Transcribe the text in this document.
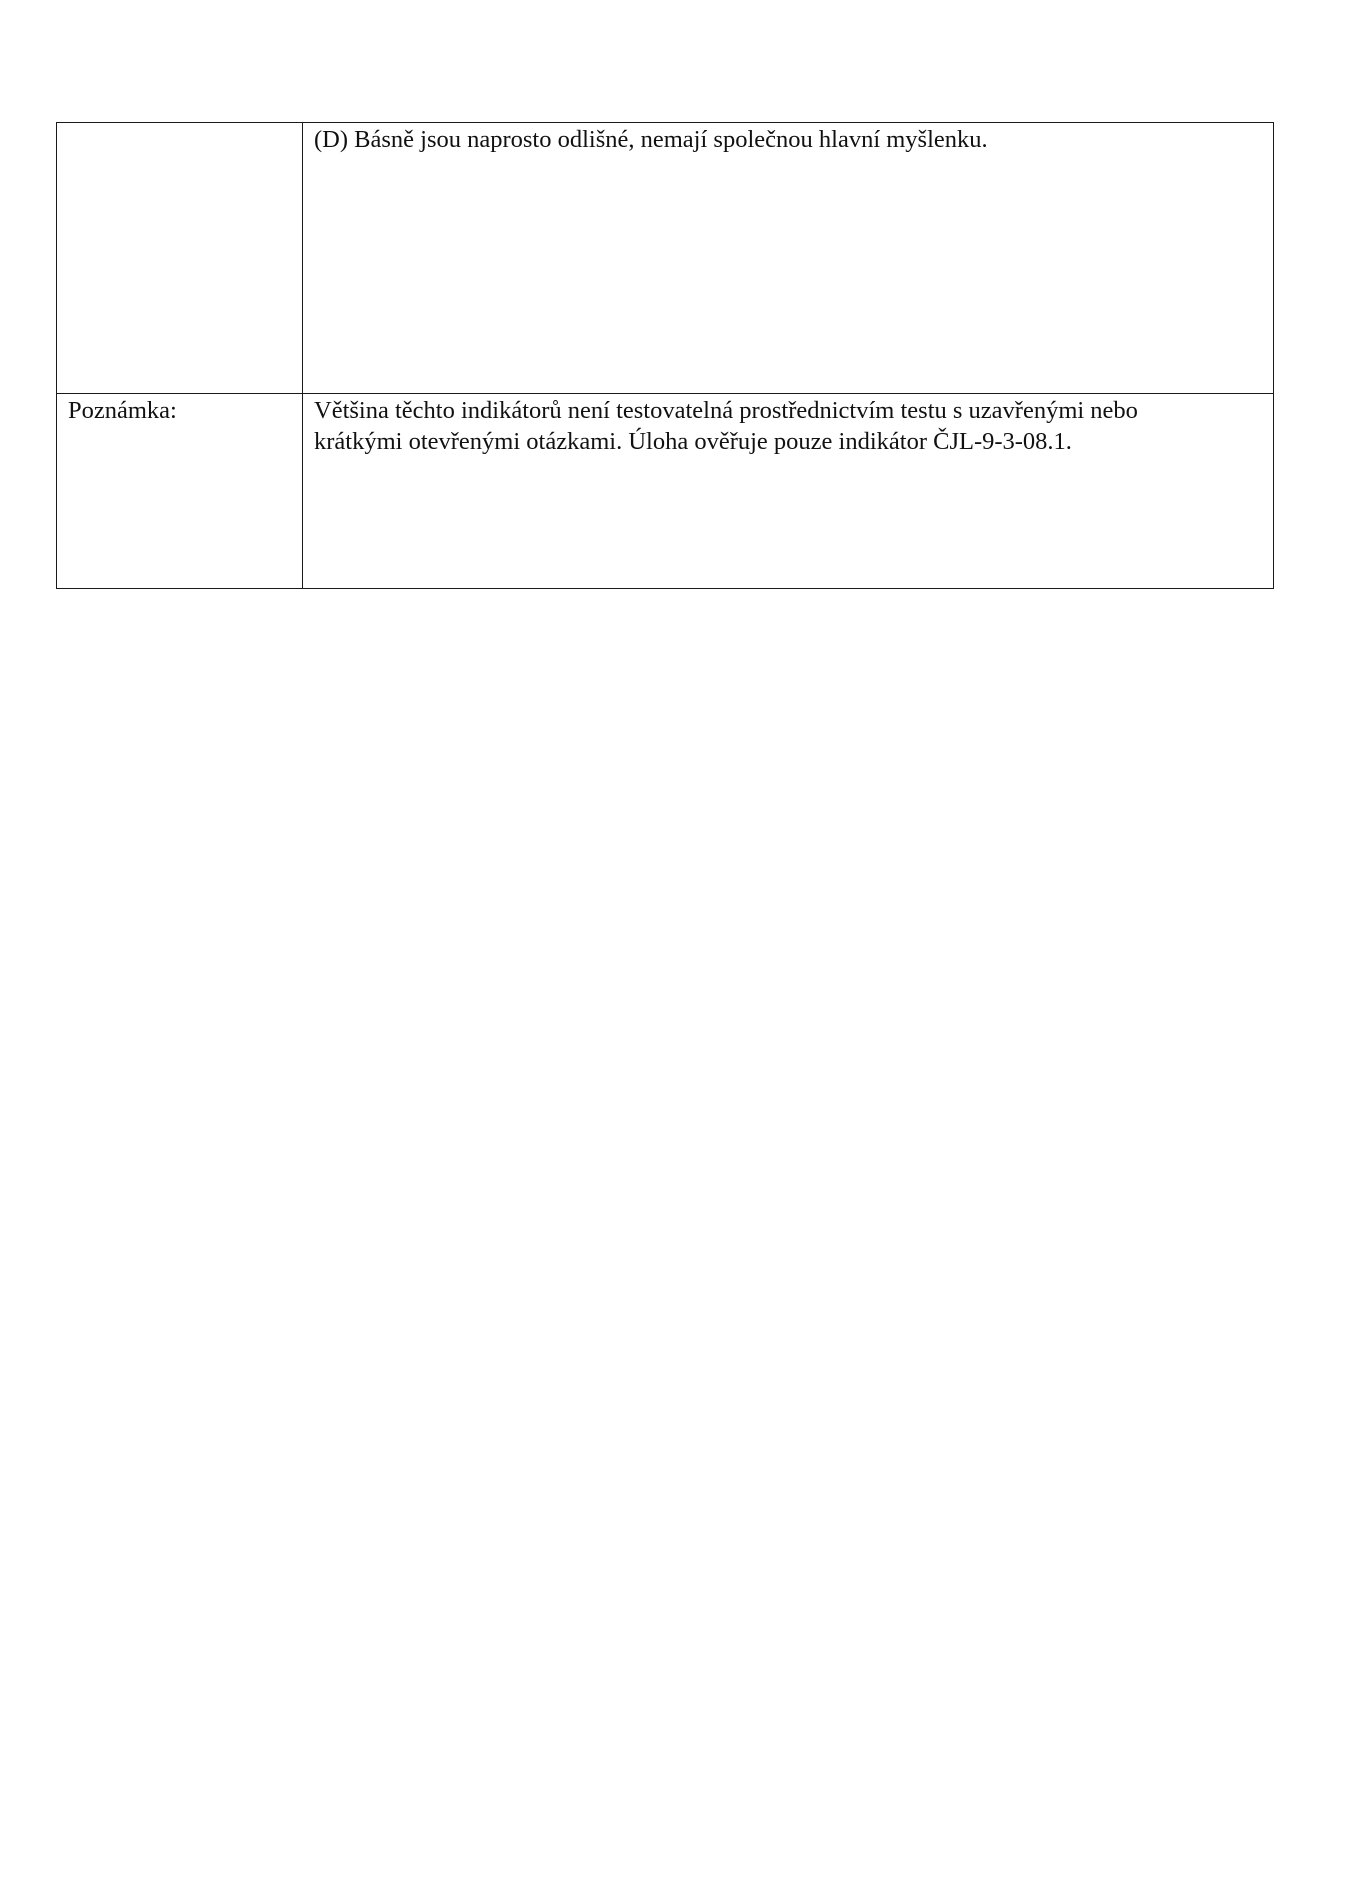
	(D) Básně jsou naprosto odlišné, nemají společnou hlavní myšlenku.
Poznámka:	Většina těchto indikátorů není testovatelná prostřednictvím testu s uzavřenými nebo
krátkými otevřenými otázkami. Úloha ověřuje pouze indikátor ČJL-9-3-08.1.
